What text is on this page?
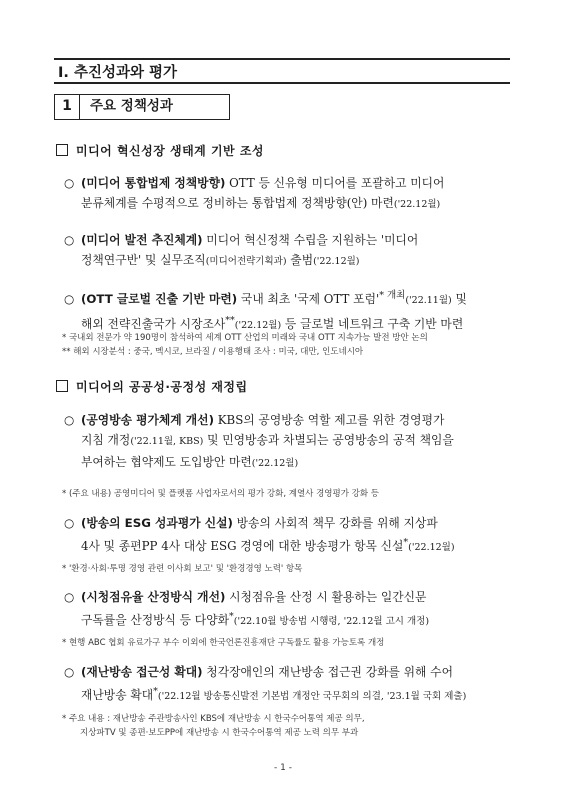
Ⅰ. 추진성과와 평가
1	주요 정책성과
미디어 혁신성장 생태계 기반 조성
○ (미디어 통합법제 정책방향) OTT 등 신유형 미디어를 포괄하고 미디어
분류체계를 수평적으로 정비하는 통합법제 정책방향(안) 마련('22.12월)
○ (미디어 발전 추진체계) 미디어 혁신정책 수립을 지원하는 '미디어
정책연구반' 및 실무조직(미디어전략기획과) 출범('22.12월)
○ (OTT 글로벌 진출 기반 마련) 국내 최초 '국제 OTT 포럼'$^{* 개최}('22.11$월) 및
해외 전략진출국가 시장조사**('22.12월) 등 글로벌 네트워크 구축 기반 마련
* 국내외 전문가 약 190명이 참석하여 세계 OTT 산업의 미래와 국내 OTT 지속가능 발전 방안 논의
** 해외 시장분석 : 중국, 멕시코, 브라질 / 이용행태 조사 : 미국, 대만, 인도네시아
미디어의 공공성·공정성 재정립
○ (공영방송 평가체계 개선) KBS의 공영방송 역할 제고를 위한 경영평가
지침 개정('22.11월, KBS) 및 민영방송과 차별되는 공영방송의 공적 책임을
부여하는 협약제도 도입방안 마련('22.12월)
* (주요 내용) 공영미디어 및 플랫폼 사업자로서의 평가 강화, 계열사 경영평가 강화 등
○ (방송의 ESG 성과평가 신설) 방송의 사회적 책무 강화를 위해 지상파
4사 및 종편PP 4사 대상 ESG 경영에 대한 방송평가 항목 신설*('22.12월)
* '환경·사회·투명 경영 관련 이사회 보고' 및 '환경경영 노력' 항목
○ (시청점유율 산정방식 개선) 시청점유율 산정 시 활용하는 일간신문
구독률을 산정방식 등 다양화*('22.10월 방송법 시행령, '22.12월 고시 개정)
* 현행 ABC 협회 유료가구 부수 이외에 한국언론진흥재단 구독률도 활용 가능토록 개정
○ (재난방송 접근성 확대) 청각장애인의 재난방송 접근권 강화를 위해 수어
재난방송 확대*('22.12월 방송통신발전 기본법 개정안 국무회의 의결, '23.1월 국회 제출)
* 주요 내용 : 재난방송 주관방송사인 KBS에 재난방송 시 한국수어통역 제공 의무,
지상파TV 및 종편·보도PP에 재난방송 시 한국수어통역 제공 노력 의무 부과
- 1 -
